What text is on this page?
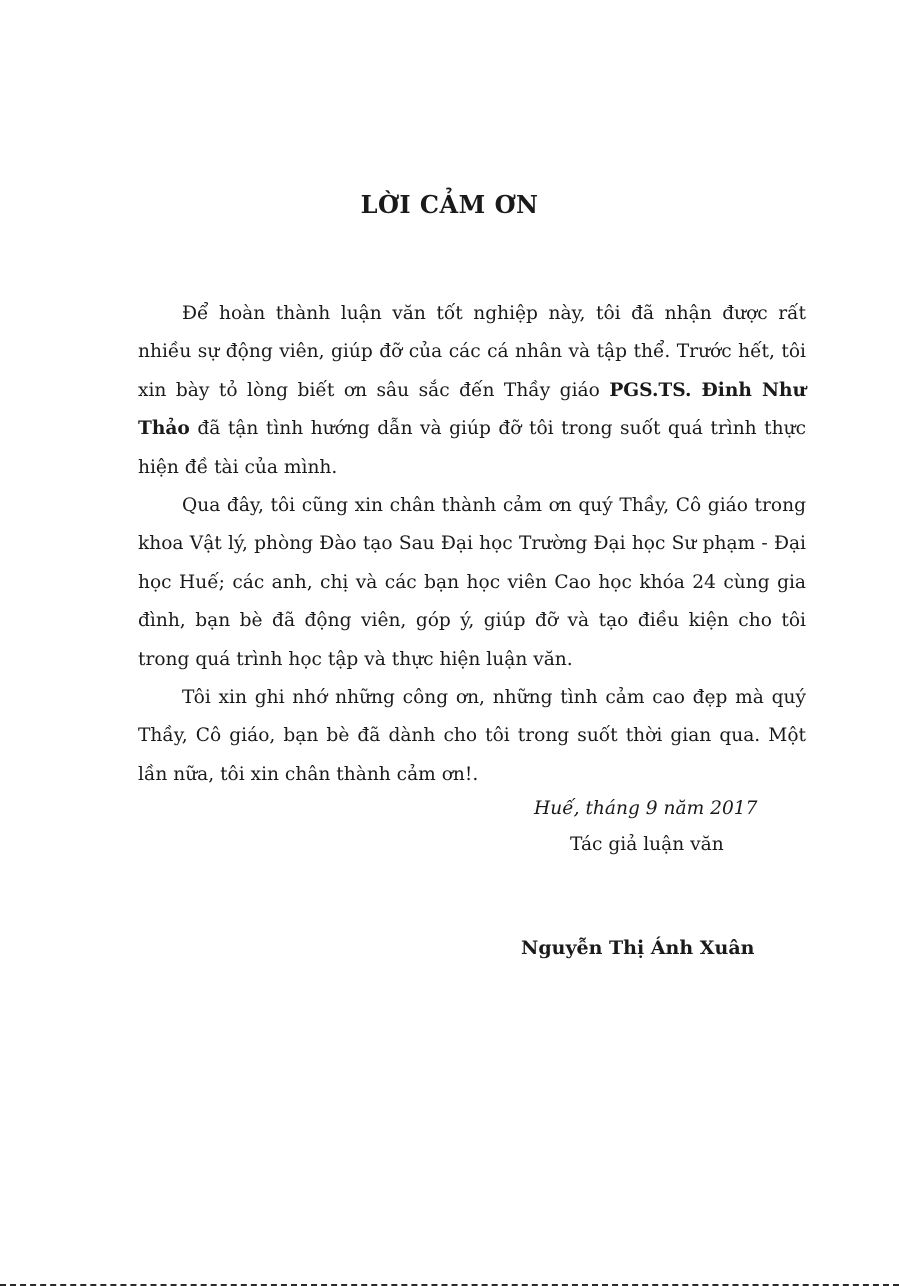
LỜI CẢM ƠN

Để hoàn thành luận văn tốt nghiệp này, tôi đã nhận được rất nhiều sự động viên, giúp đỡ của các cá nhân và tập thể. Trước hết, tôi xin bày tỏ lòng biết ơn sâu sắc đến Thầy giáo PGS.TS. Đinh Như Thảo đã tận tình hướng dẫn và giúp đỡ tôi trong suốt quá trình thực hiện đề tài của mình.

Qua đây, tôi cũng xin chân thành cảm ơn quý Thầy, Cô giáo trong khoa Vật lý, phòng Đào tạo Sau Đại học Trường Đại học Sư phạm - Đại học Huế; các anh, chị và các bạn học viên Cao học khóa 24 cùng gia đình, bạn bè đã động viên, góp ý, giúp đỡ và tạo điều kiện cho tôi trong quá trình học tập và thực hiện luận văn.

Tôi xin ghi nhớ những công ơn, những tình cảm cao đẹp mà quý Thầy, Cô giáo, bạn bè đã dành cho tôi trong suốt thời gian qua. Một lần nữa, tôi xin chân thành cảm ơn!.

Huế, tháng 9 năm 2017
Tác giả luận văn
Nguyễn Thị Ánh Xuân
